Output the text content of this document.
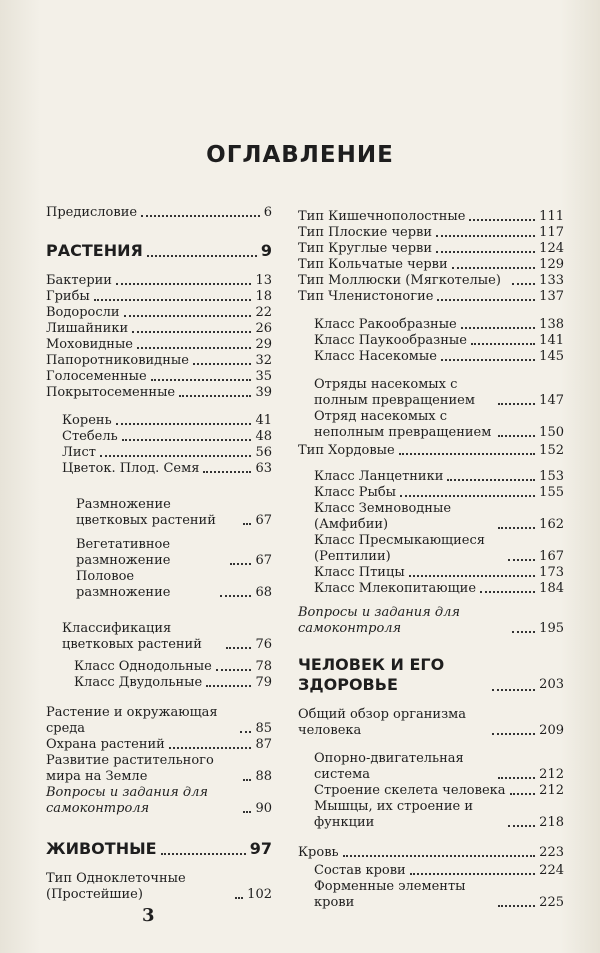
ОГЛАВЛЕНИЕ
Предисловие	6
РАСТЕНИЯ	9
Бактерии	13
Грибы	18
Водоросли	22
Лишайники	26
Моховидные	29
Папоротниковидные	32
Голосеменные	35
Покрытосеменные	39
Корень	41
Стебель	48
Лист	56
Цветок. Плод. Семя	63
Размножение цветковых растений	67
Вегетативное размножение	67
Половое размножение	68
Классификация цветковых растений	76
Класс Однодольные	78
Класс Двудольные	79
Растение и окружающая среда	85
Охрана растений	87
Развитие растительного мира на Земле	88
Вопросы и задания для самоконтроля	90
ЖИВОТНЫЕ	97
Тип Одноклеточные (Простейшие)	102
Тип Кишечнополостные	111
Тип Плоские черви	117
Тип Круглые черви	124
Тип Кольчатые черви	129
Тип Моллюски (Мягкотелые)	133
Тип Членистоногие	137
Класс Ракообразные	138
Класс Паукообразные	141
Класс Насекомые	145
Отряды насекомых с полным превращением	147
Отряд насекомых с неполным превращением	150
Тип Хордовые	152
Класс Ланцетники	153
Класс Рыбы	155
Класс Земноводные (Амфибии)	162
Класс Пресмыкающиеся (Рептилии)	167
Класс Птицы	173
Класс Млекопитающие	184
Вопросы и задания для самоконтроля	195
ЧЕЛОВЕК И ЕГО ЗДОРОВЬЕ	203
Общий обзор организма человека	209
Опорно-двигательная система	212
Строение скелета человека	212
Мышцы, их строение и функции	218
Кровь	223
Состав крови	224
Форменные элементы крови	225
3
